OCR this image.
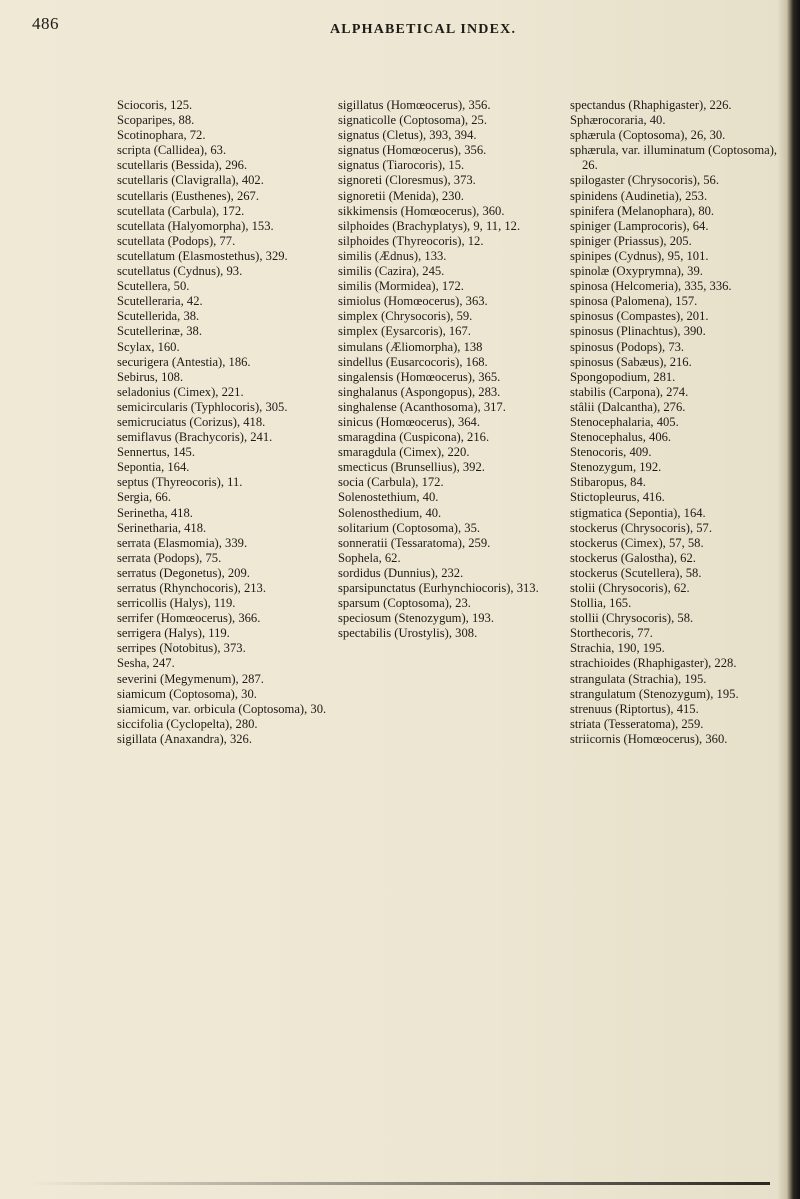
486	ALPHABETICAL INDEX.

Sciocoris, 125.

Scoparipes, 88.

Scotinophara, 72.

scripta (Callidea), 63.

scutellaris (Bessida), 296.

scutellaris (Clavigralla), 402.

scutellaris (Eusthenes), 267.

scutellata (Carbula), 172.

scutellata (Halyomorpha), 153.

scutellata (Podops), 77.

scutellatum (Elasmostethus), 329.

scutellatus (Cydnus), 93.

Scutellera, 50.

Scutelleraria, 42.

Scutellerida, 38.

Scutellerinæ, 38.

Scylax, 160.

securigera (Antestia), 186.

Sebirus, 108.

seladonius (Cimex), 221.

semicircularis (Typhlocoris), 305.

semicruciatus (Corizus), 418.

semiflavus (Brachycoris), 241.

Sennertus, 145.

Sepontia, 164.

septus (Thyreocoris), 11.

Sergia, 66.

Serinetha, 418.

Serinetharia, 418.

serrata (Elasmomia), 339.

serrata (Podops), 75.

serratus (Degonetus), 209.

serratus (Rhynchocoris), 213.

serricollis (Halys), 119.

serrifer (Homœocerus), 366.

serrigera (Halys), 119.

serripes (Notobitus), 373.

Sesha, 247.

severini (Megymenum), 287.

siamicum (Coptosoma), 30.

siamicum, var. orbicula (Coptosoma), 30.

siccifolia (Cyclopelta), 280.

sigillata (Anaxandra), 326.

sigillatus (Homœocerus), 356.

signaticolle (Coptosoma), 25.

signatus (Cletus), 393, 394.

signatus (Homœocerus), 356.

signatus (Tiarocoris), 15.

signoreti (Cloresmus), 373.

signoretii (Menida), 230.

sikkimensis (Homœocerus), 360.

silphoides (Brachyplatys), 9, 11, 12.

silphoides (Thyreocoris), 12.

similis (Ædnus), 133.

similis (Cazira), 245.

similis (Mormidea), 172.

simiolus (Homœocerus), 363.

simplex (Chrysocoris), 59.

simplex (Eysarcoris), 167.

simulans (Æliomorpha), 138

sindellus (Eusarcocoris), 168.

singalensis (Homœocerus), 365.

singhalanus (Aspongopus), 283.

singhalense (Acanthosoma), 317.

sinicus (Homœocerus), 364.

smaragdina (Cuspicona), 216.

smaragdula (Cimex), 220.

smecticus (Brunsellius), 392.

socia (Carbula), 172.

Solenostethium, 40.

Solenosthedium, 40.

solitarium (Coptosoma), 35.

sonneratii (Tessaratoma), 259.

Sophela, 62.

sordidus (Dunnius), 232.

sparsipunctatus (Eurhynchiocoris), 313.

sparsum (Coptosoma), 23.

speciosum (Stenozygum), 193.

spectabilis (Urostylis), 308.

spectandus (Rhaphigaster), 226.

Sphærocoraria, 40.

sphærula (Coptosoma), 26, 30.

sphærula, var. illuminatum (Coptosoma), 26.

spilogaster (Chrysocoris), 56.

spinidens (Audinetia), 253.

spinifera (Melanophara), 80.

spiniger (Lamprocoris), 64.

spiniger (Priassus), 205.

spinipes (Cydnus), 95, 101.

spinolæ (Oxyprymna), 39.

spinosa (Helcomeria), 335, 336.

spinosa (Palomena), 157.

spinosus (Compastes), 201.

spinosus (Plinachtus), 390.

spinosus (Podops), 73.

spinosus (Sabæus), 216.

Spongopodium, 281.

stabilis (Carpona), 274.

stâlii (Dalcantha), 276.

Stenocephalaria, 405.

Stenocephalus, 406.

Stenocoris, 409.

Stenozygum, 192.

Stibaropus, 84.

Stictopleurus, 416.

stigmatica (Sepontia), 164.

stockerus (Chrysocoris), 57.

stockerus (Cimex), 57, 58.

stockerus (Galostha), 62.

stockerus (Scutellera), 58.

stolii (Chrysocoris), 62.

Stollia, 165.

stollii (Chrysocoris), 58.

Storthecoris, 77.

Strachia, 190, 195.

strachioides (Rhaphigaster), 228.

strangulata (Strachia), 195.

strangulatum (Stenozygum), 195.

strenuus (Riptortus), 415.

striata (Tesseratoma), 259.

striicornis (Homœocerus), 360.
